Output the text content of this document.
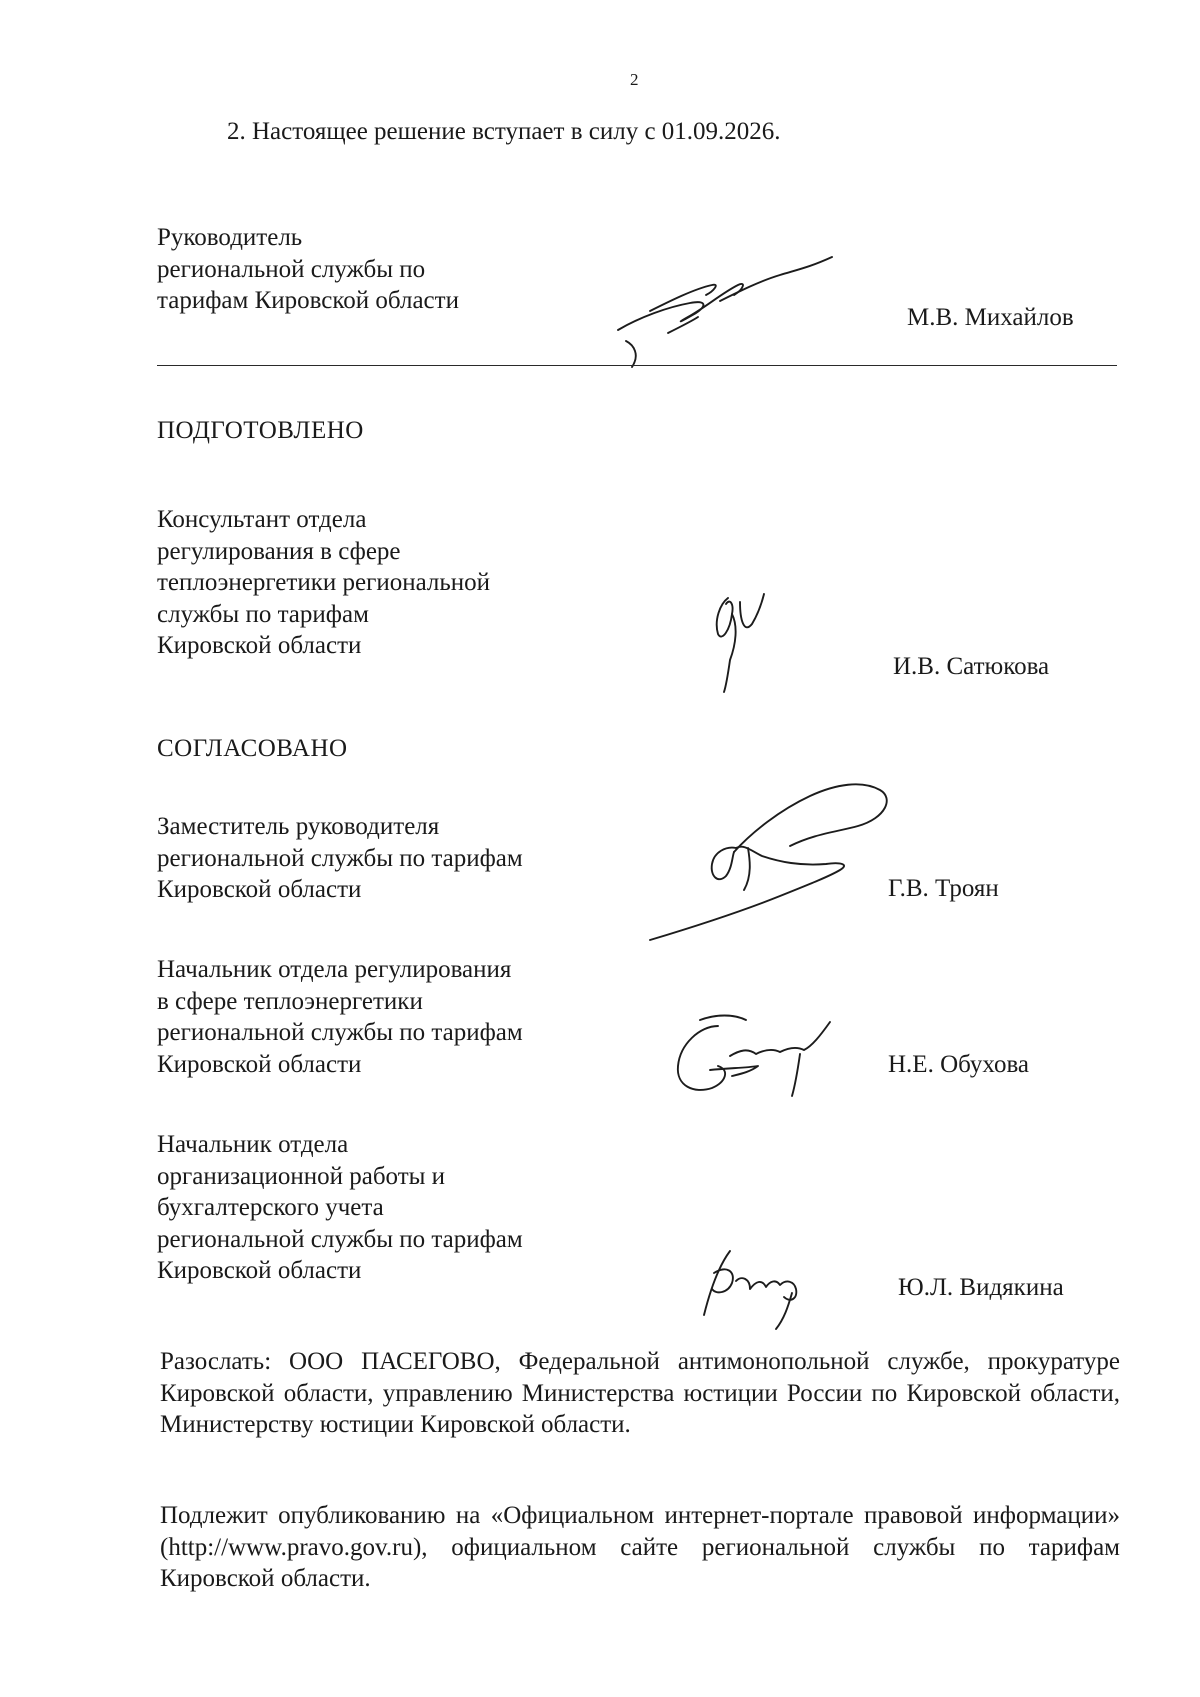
2
2. Настоящее решение вступает в силу с 01.09.2026.
Руководитель
региональной службы по
тарифам Кировской области
М.В. Михайлов
ПОДГОТОВЛЕНО
Консультант отдела
регулирования в сфере
теплоэнергетики региональной
службы по тарифам
Кировской области
И.В. Сатюкова
СОГЛАСОВАНО
Заместитель руководителя
региональной службы по тарифам
Кировской области	Г.В. Троян
Начальник отдела регулирования
в сфере теплоэнергетики
региональной службы по тарифам
Кировской области	Н.Е. Обухова
Начальник отдела
организационной работы и
бухгалтерского учета
региональной службы по тарифам
Кировской области
Ю.Л. Видякина
Разослать: ООО ПАСЕГОВО, Федеральной антимонопольной службе, прокуратуре Кировской области, управлению Министерства юстиции России по Кировской области, Министерству юстиции Кировской области.
Подлежит опубликованию на «Официальном интернет-портале правовой информации» (http://www.pravo.gov.ru), официальном сайте региональной службы по тарифам Кировской области.
